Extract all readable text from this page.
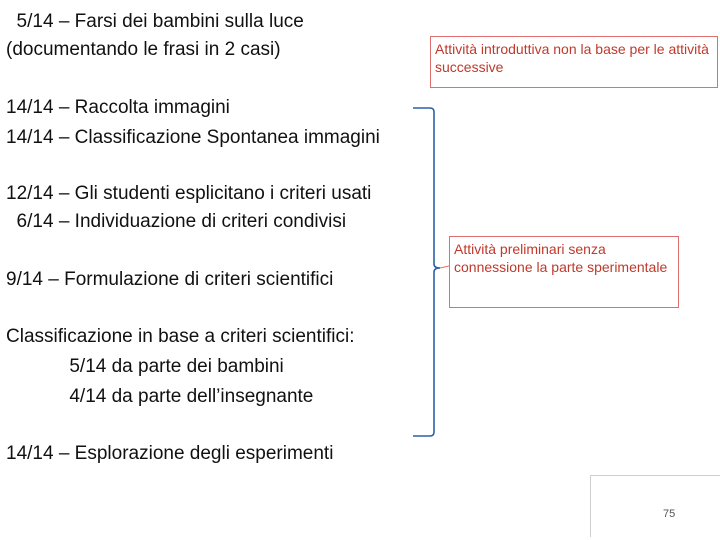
5/14 – Farsi dei bambini sulla luce
(documentando le frasi in 2 casi)	Attività introduttiva non la base per le attività successive
14/14 – Raccolta immagini
14/14 – Classificazione Spontanea immagini
12/14 – Gli studenti esplicitano i criteri usati
6/14 – Individuazione di criteri condivisi
Attività preliminari senza connessione la parte sperimentale
9/14 – Formulazione di criteri scientifici
Classificazione in base a criteri scientifici:
5/14 da parte dei bambini
4/14 da parte dell’insegnante
14/14 – Esplorazione degli esperimenti
75
